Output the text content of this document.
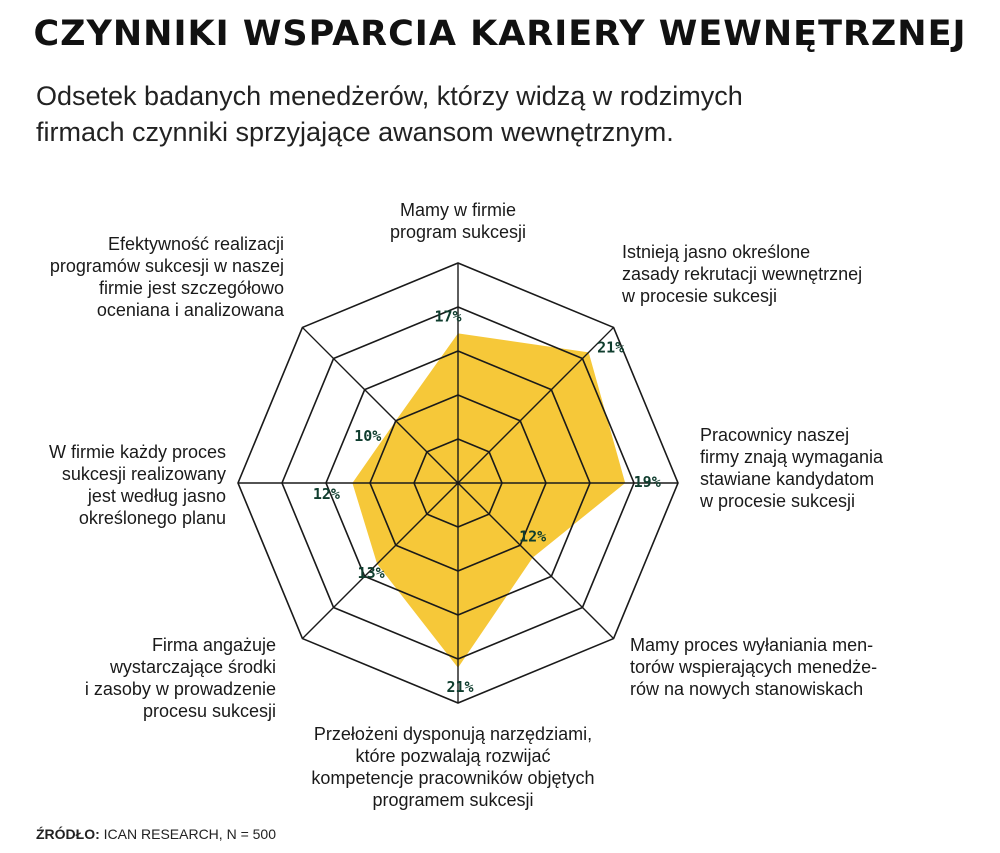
CZYNNIKI WSPARCIA KARIERY WEWNĘTRZNEJ
Odsetek badanych menedżerów, którzy widzą w rodzimych
firmach czynniki sprzyjające awansom wewnętrznym.
17%
21%
19%
12%
21%
13%
12%
10%
Mamy w firmie
program sukcesji
Istnieją jasno określone
zasady rekrutacji wewnętrznej
w procesie sukcesji
Pracownicy naszej
firmy znają wymagania
stawiane kandydatom
w procesie sukcesji
Mamy proces wyłaniania men-
torów wspierających menedże-
rów na nowych stanowiskach
Przełożeni dysponują narzędziami,
które pozwalają rozwijać
kompetencje pracowników objętych
programem sukcesji
Firma angażuje
wystarczające środki
i zasoby w prowadzenie
procesu sukcesji
W firmie każdy proces
sukcesji realizowany
jest według jasno
określonego planu
Efektywność realizacji
programów sukcesji w naszej
firmie jest szczegółowo
oceniana i analizowana
ŹRÓDŁO: ICAN RESEARCH, N = 500
